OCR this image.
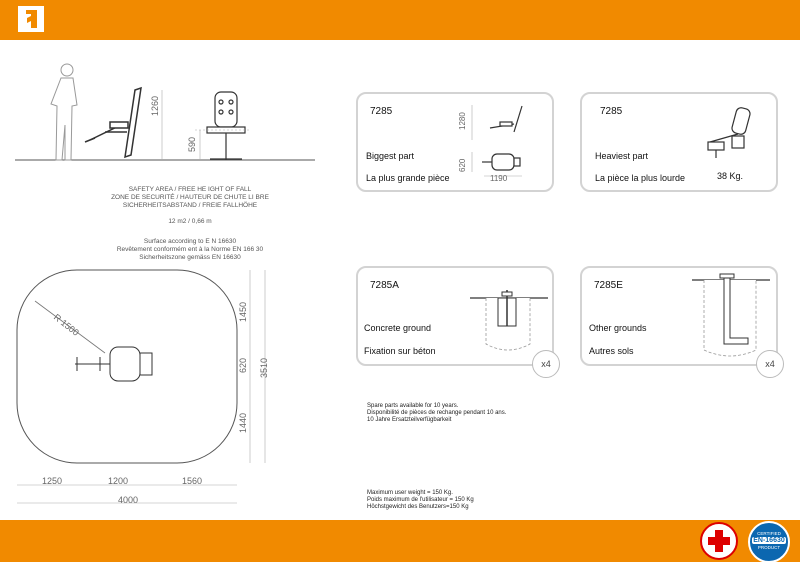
CERTIFIED
EN-16630
PRODUCT
1260
590
SAFETY AREA / FREE HE IGHT OF FALL
ZONE DE SECURITÉ / HAUTEUR DE CHUTE LI BRE
SICHERHEITSABSTAND / FREIE FALLHÖHE
12 m2 / 0,66 m
Surface according to E N 16630
Revêtement conformém ent à la Norme EN 166 30
Sicherheitszone gemäss EN 16630
R 1500
1450
620
1440
3510
1250	1200	1560
4000
7285
Biggest part
La plus grande pièce
1280
620
1190
7285
Heaviest part
La pièce la plus lourde	38 Kg.
7285A
Concrete ground
Fixation sur béton
x4
7285E
Other grounds
Autres sols
x4
Spare parts available for 10 years.
Disponibilité de pièces de rechange pendant 10 ans.
10 Jahre Ersatzteilverfügbarkeit
Maximum user weight = 150 Kg.
Poids maximum de l'utilisateur = 150 Kg
Höchstgewicht des Benutzers=150 Kg
